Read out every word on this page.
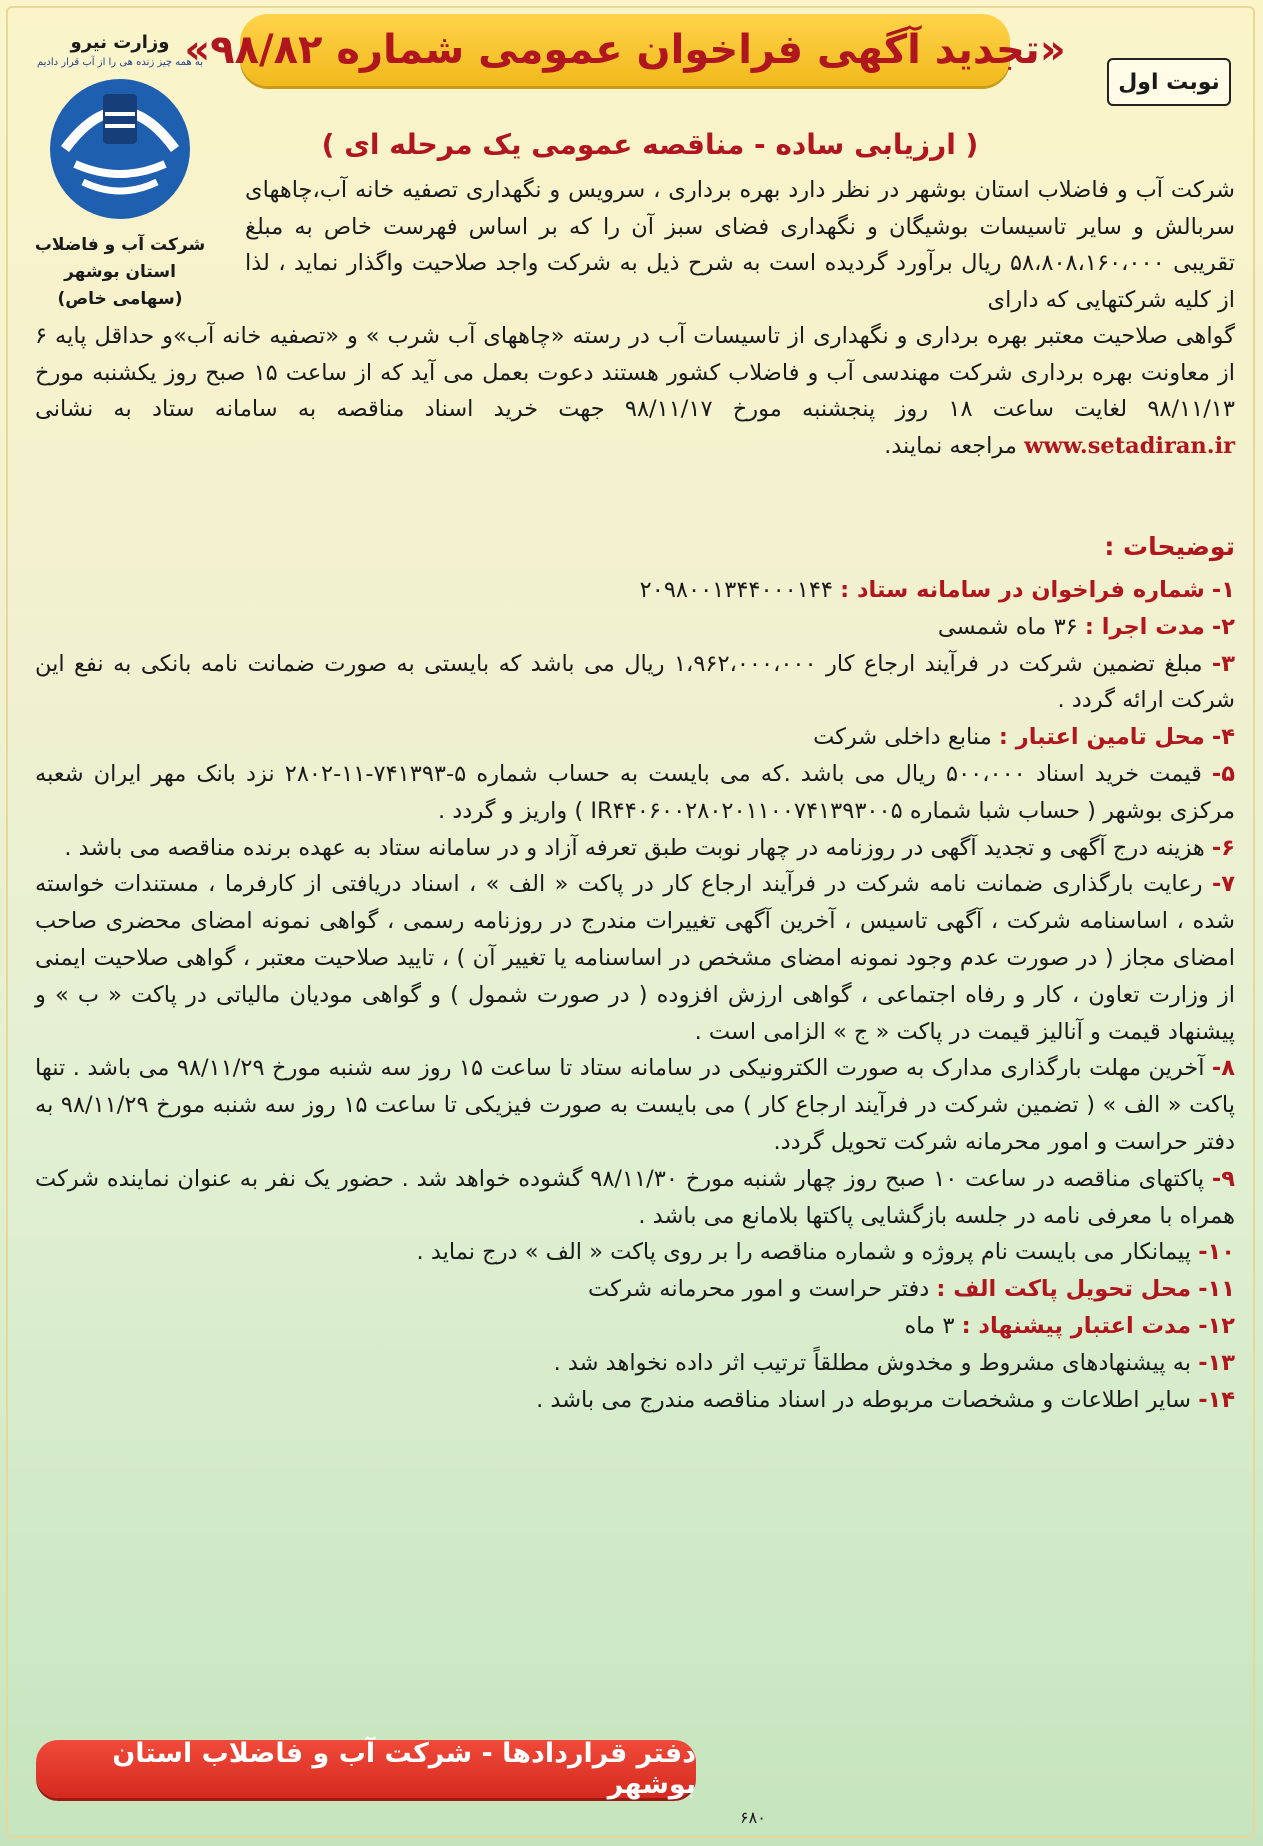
«تجدید آگهی فراخوان عمومی شماره ۹۸/۸۲»
نوبت اول
وزارت نیرو
به همه چیز زنده هی را از آب قرار دادیم
شرکت آب و فاضلاب
استان بوشهر
(سهامی خاص)
( ارزیابی ساده - مناقصه عمومی یک مرحله ای )
شرکت آب و فاضلاب استان بوشهر در نظر دارد بهره برداری ، سرویس و نگهداری تصفیه خانه آب،چاههای سربالش و سایر تاسیسات بوشیگان و نگهداری فضای سبز آن را که بر اساس فهرست خاص به مبلغ تقریبی ۵۸،۸۰۸،۱۶۰،۰۰۰ ریال برآورد گردیده است به شرح ذیل به شرکت واجد صلاحیت واگذار نماید ، لذا از کلیه شرکتهایی که دارای
گواهی صلاحیت معتبر بهره برداری و نگهداری از تاسیسات آب در رسته «چاههای آب شرب » و «تصفیه خانه آب»و حداقل پایه ۶ از معاونت بهره برداری شرکت مهندسی آب و فاضلاب کشور هستند دعوت بعمل می آید که از ساعت ۱۵ صبح روز یکشنبه مورخ ۹۸/۱۱/۱۳ لغایت ساعت ۱۸ روز پنجشنبه مورخ ۹۸/۱۱/۱۷ جهت خرید اسناد مناقصه به سامانه ستاد به نشانی www.setadiran.ir مراجعه نمایند.
توضیحات :

۱- شماره فراخوان در سامانه ستاد : ۲۰۹۸۰۰۱۳۴۴۰۰۰۱۴۴

۲- مدت اجرا : ۳۶ ماه شمسی

۳- مبلغ تضمین شرکت در فرآیند ارجاع کار ۱،۹۶۲،۰۰۰،۰۰۰ ریال می باشد که بایستی به صورت ضمانت نامه بانکی به نفع این شرکت ارائه گردد .

۴- محل تامین اعتبار : منابع داخلی شرکت

۵- قیمت خرید اسناد ۵۰۰،۰۰۰ ریال می باشد .که می بایست به حساب شماره ۵-۷۴۱۳۹۳-۱۱-۲۸۰۲ نزد بانک مهر ایران شعبه مرکزی بوشهر ( حساب شبا شماره IR۴۴۰۶۰۰۲۸۰۲۰۱۱۰۰۷۴۱۳۹۳۰۰۵ ) واریز و گردد .

۶- هزینه درج آگهی و تجدید آگهی در روزنامه در چهار نوبت طبق تعرفه آزاد و در سامانه ستاد به عهده برنده مناقصه می باشد .

۷- رعایت بارگذاری ضمانت نامه شرکت در فرآیند ارجاع کار در پاکت « الف » ، اسناد دریافتی از کارفرما ، مستندات خواسته شده ، اساسنامه شرکت ، آگهی تاسیس ، آخرین آگهی تغییرات مندرج در روزنامه رسمی ، گواهی نمونه امضای محضری صاحب امضای مجاز ( در صورت عدم وجود نمونه امضای مشخص در اساسنامه یا تغییر آن ) ، تایید صلاحیت معتبر ، گواهی صلاحیت ایمنی از وزارت تعاون ، کار و رفاه اجتماعی ، گواهی ارزش افزوده ( در صورت شمول ) و گواهی مودیان مالیاتی در پاکت « ب » و پیشنهاد قیمت و آنالیز قیمت در پاکت « ج » الزامی است .

۸- آخرین مهلت بارگذاری مدارک به صورت الکترونیکی در سامانه ستاد تا ساعت ۱۵ روز سه شنبه مورخ ۹۸/۱۱/۲۹ می باشد . تنها پاکت « الف » ( تضمین شرکت در فرآیند ارجاع کار ) می بایست به صورت فیزیکی تا ساعت ۱۵ روز سه شنبه مورخ ۹۸/۱۱/۲۹ به دفتر حراست و امور محرمانه شرکت تحویل گردد.

۹- پاکتهای مناقصه در ساعت ۱۰ صبح روز چهار شنبه مورخ ۹۸/۱۱/۳۰ گشوده خواهد شد . حضور یک نفر به عنوان نماینده شرکت همراه با معرفی نامه در جلسه بازگشایی پاکتها بلامانع می باشد .

۱۰- پیمانکار می بایست نام پروژه و شماره مناقصه را بر روی پاکت « الف » درج نماید .

۱۱- محل تحویل پاکت الف : دفتر حراست و امور محرمانه شرکت

۱۲- مدت اعتبار پیشنهاد : ۳ ماه

۱۳- به پیشنهادهای مشروط و مخدوش مطلقاً ترتیب اثر داده نخواهد شد .

۱۴- سایر اطلاعات و مشخصات مربوطه در اسناد مناقصه مندرج می باشد .

دفتر قراردادها - شرکت آب و فاضلاب استان بوشهر
۶۸۰
